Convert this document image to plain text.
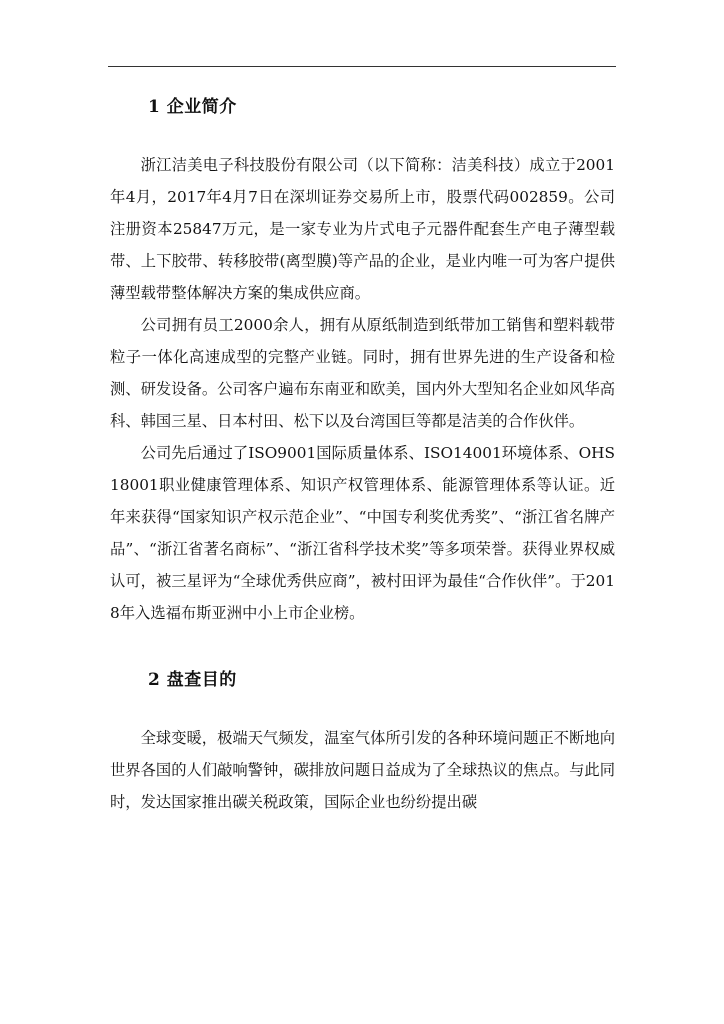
1 企业简介

浙江洁美电子科技股份有限公司（以下简称：洁美科技）成立于2001年4月，2017年4月7日在深圳证券交易所上市，股票代码002859。公司注册资本25847万元，是一家专业为片式电子元器件配套生产电子薄型载带、上下胶带、转移胶带(离型膜)等产品的企业，是业内唯一可为客户提供薄型载带整体解决方案的集成供应商。

公司拥有员工2000余人，拥有从原纸制造到纸带加工销售和塑料载带粒子一体化高速成型的完整产业链。同时，拥有世界先进的生产设备和检测、研发设备。公司客户遍布东南亚和欧美，国内外大型知名企业如风华高科、韩国三星、日本村田、松下以及台湾国巨等都是洁美的合作伙伴。

公司先后通过了ISO9001国际质量体系、ISO14001环境体系、OHS18001职业健康管理体系、知识产权管理体系、能源管理体系等认证。近年来获得“国家知识产权示范企业”、“中国专利奖优秀奖”、“浙江省名牌产品”、“浙江省著名商标”、“浙江省科学技术奖”等多项荣誉。获得业界权威认可，被三星评为“全球优秀供应商”，被村田评为最佳“合作伙伴”。于2018年入选福布斯亚洲中小上市企业榜。

2 盘查目的

全球变暖，极端天气频发，温室气体所引发的各种环境问题正不断地向世界各国的人们敲响警钟，碳排放问题日益成为了全球热议的焦点。与此同时，发达国家推出碳关税政策，国际企业也纷纷提出碳
